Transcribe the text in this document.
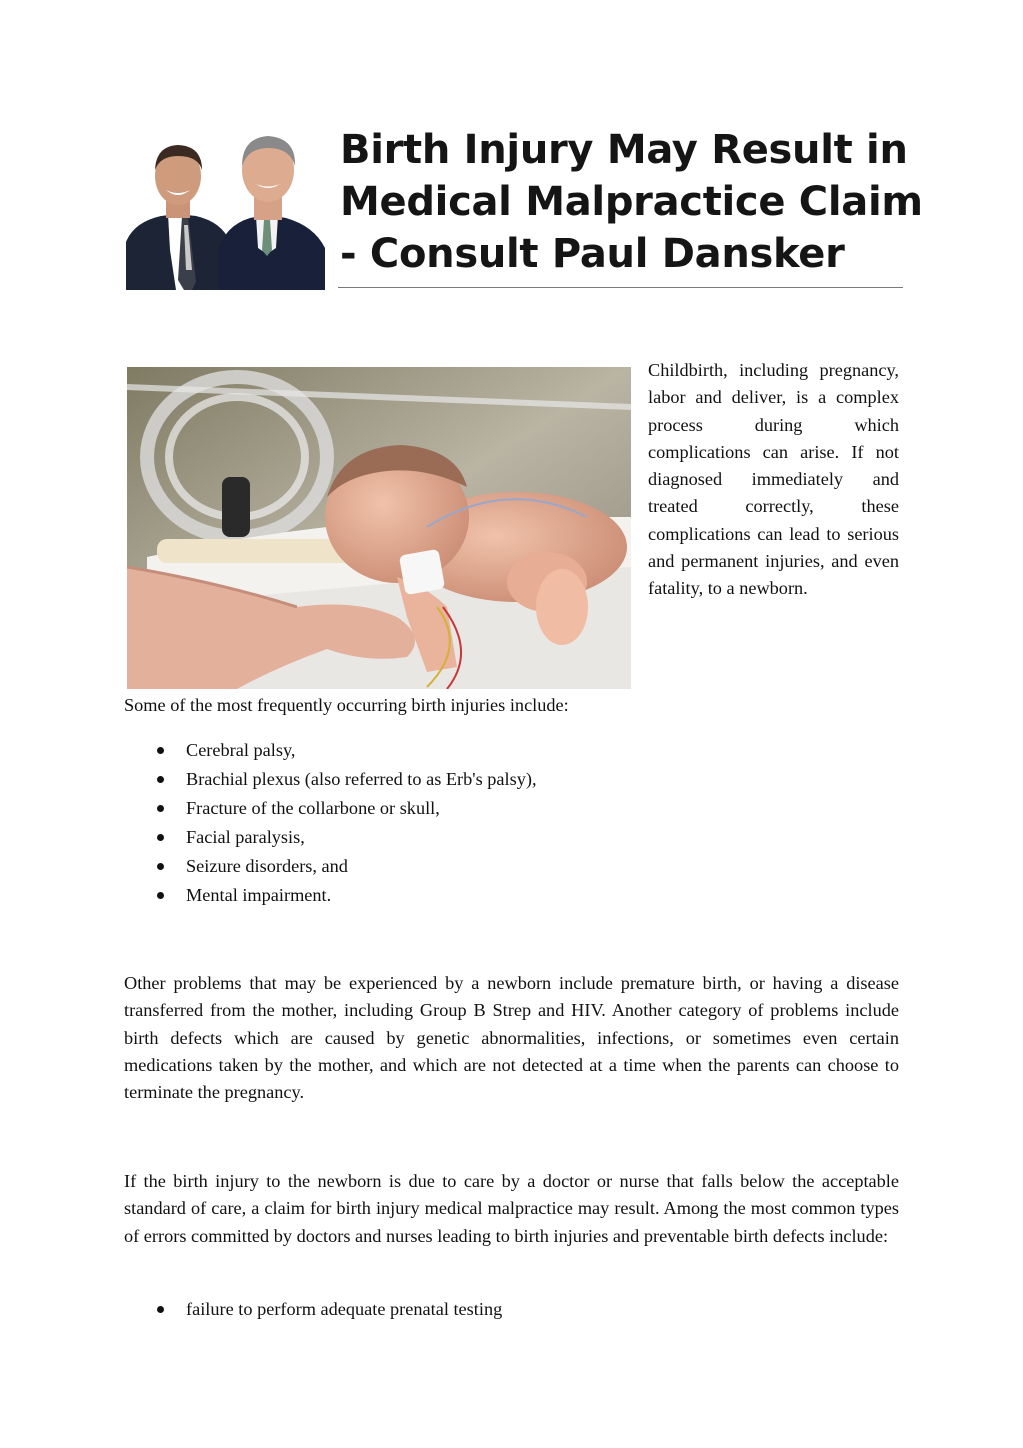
Birth Injury May Result in
Medical Malpractice Claim
- Consult Paul Dansker
Childbirth, including pregnancy, labor and deliver, is a complex process during which complications can arise. If not diagnosed immediately and treated correctly, these complications can lead to serious and permanent injuries, and even fatality, to a newborn.
Some of the most frequently occurring birth injuries include:
Cerebral palsy,
Brachial plexus (also referred to as Erb's palsy),
Fracture of the collarbone or skull,
Facial paralysis,
Seizure disorders, and
Mental impairment.
Other problems that may be experienced by a newborn include premature birth, or having a disease transferred from the mother, including Group B Strep and HIV. Another category of problems include birth defects which are caused by genetic abnormalities, infections, or sometimes even certain medications taken by the mother, and which are not detected at a time when the parents can choose to terminate the pregnancy.
If the birth injury to the newborn is due to care by a doctor or nurse that falls below the acceptable standard of care, a claim for birth injury medical malpractice may result. Among the most common types of errors committed by doctors and nurses leading to birth injuries and preventable birth defects include:
failure to perform adequate prenatal testing
